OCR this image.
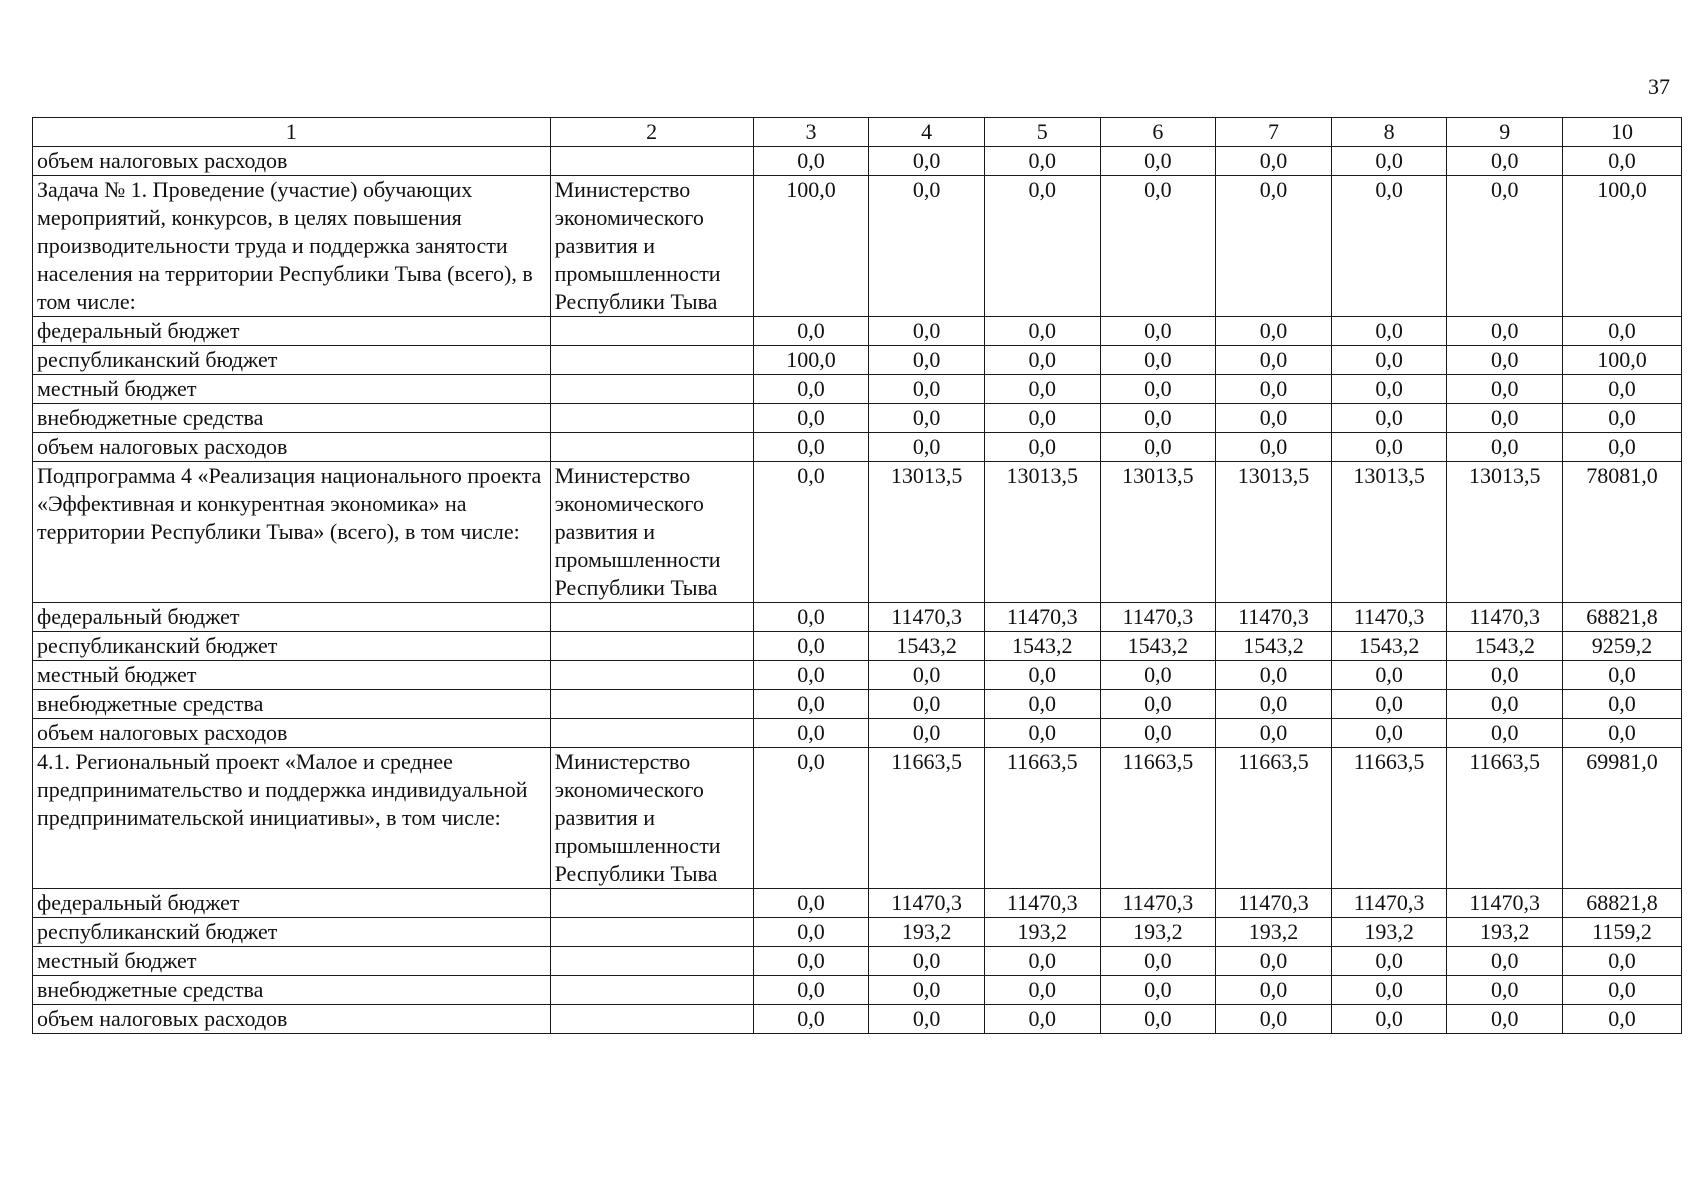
37
1	2	3	4	5	6	7	8	9	10
объем налоговых расходов		0,0	0,0	0,0	0,0	0,0	0,0	0,0	0,0
Задача № 1. Проведение (участие) обучающих мероприятий, конкурсов, в целях повышения производительности труда и поддержка занятости населения на территории Республики Тыва (всего), в том числе:	Министерство экономического развития и промышленности Республики Тыва	100,0	0,0	0,0	0,0	0,0	0,0	0,0	100,0
федеральный бюджет		0,0	0,0	0,0	0,0	0,0	0,0	0,0	0,0
республиканский бюджет		100,0	0,0	0,0	0,0	0,0	0,0	0,0	100,0
местный бюджет		0,0	0,0	0,0	0,0	0,0	0,0	0,0	0,0
внебюджетные средства		0,0	0,0	0,0	0,0	0,0	0,0	0,0	0,0
объем налоговых расходов		0,0	0,0	0,0	0,0	0,0	0,0	0,0	0,0
Подпрограмма 4 «Реализация национального проекта «Эффективная и конкурентная экономика» на территории Республики Тыва» (всего), в том числе:	Министерство экономического развития и промышленности Республики Тыва	0,0	13013,5	13013,5	13013,5	13013,5	13013,5	13013,5	78081,0
федеральный бюджет		0,0	11470,3	11470,3	11470,3	11470,3	11470,3	11470,3	68821,8
республиканский бюджет		0,0	1543,2	1543,2	1543,2	1543,2	1543,2	1543,2	9259,2
местный бюджет		0,0	0,0	0,0	0,0	0,0	0,0	0,0	0,0
внебюджетные средства		0,0	0,0	0,0	0,0	0,0	0,0	0,0	0,0
объем налоговых расходов		0,0	0,0	0,0	0,0	0,0	0,0	0,0	0,0
4.1. Региональный проект «Малое и среднее предпринимательство и поддержка индивидуальной предпринимательской инициативы», в том числе:	Министерство экономического развития и промышленности Республики Тыва	0,0	11663,5	11663,5	11663,5	11663,5	11663,5	11663,5	69981,0
федеральный бюджет		0,0	11470,3	11470,3	11470,3	11470,3	11470,3	11470,3	68821,8
республиканский бюджет		0,0	193,2	193,2	193,2	193,2	193,2	193,2	1159,2
местный бюджет		0,0	0,0	0,0	0,0	0,0	0,0	0,0	0,0
внебюджетные средства		0,0	0,0	0,0	0,0	0,0	0,0	0,0	0,0
объем налоговых расходов		0,0	0,0	0,0	0,0	0,0	0,0	0,0	0,0
